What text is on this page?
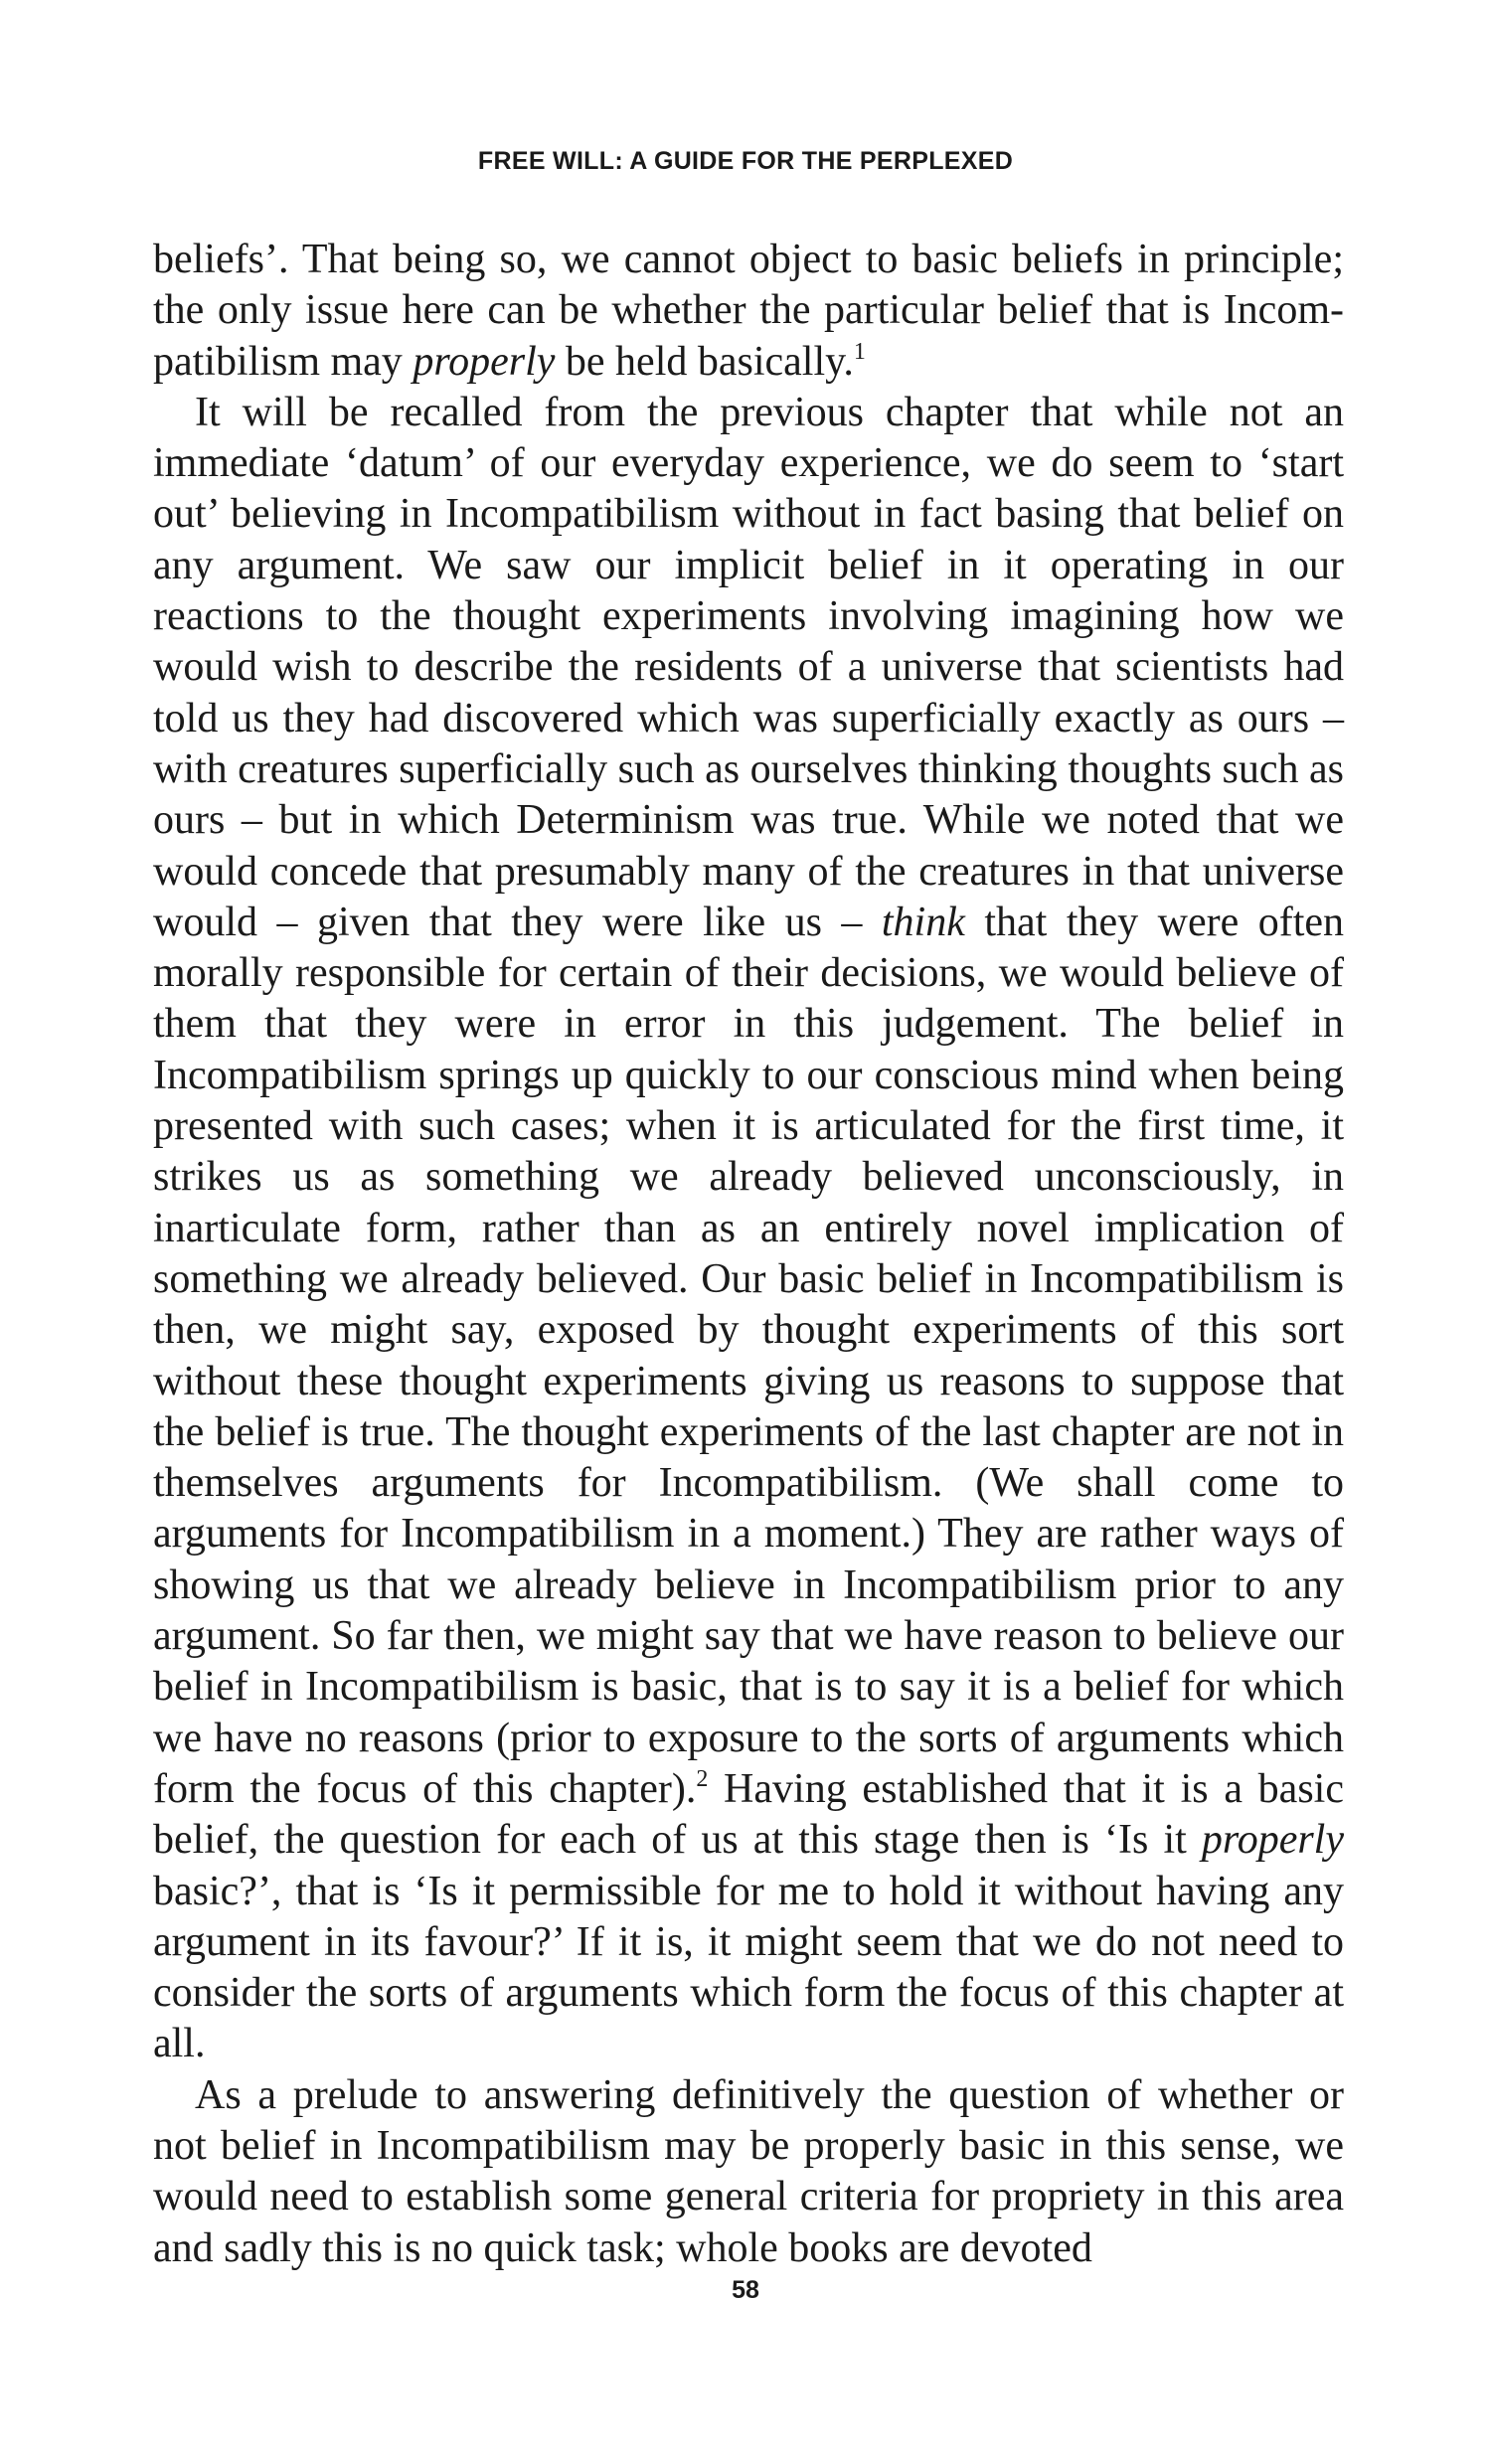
FREE WILL: A GUIDE FOR THE PERPLEXED

beliefs’. That being so, we cannot object to basic beliefs in principle; the only issue here can be whether the particular belief that is Incompatibilism may properly be held basically.$^1$

It will be recalled from the previous chapter that while not an immediate ‘datum’ of our everyday experience, we do seem to ‘start out’ believing in Incompatibilism without in fact basing that belief on any argument. We saw our implicit belief in it operating in our reactions to the thought experiments involving imagining how we would wish to describe the residents of a universe that scientists had told us they had discovered which was superficially exactly as ours – with creatures superficially such as ourselves thinking thoughts such as ours – but in which Determinism was true. While we noted that we would concede that presumably many of the creatures in that universe would – given that they were like us – think that they were often morally responsible for certain of their decisions, we would believe of them that they were in error in this judgement. The belief in Incompatibilism springs up quickly to our conscious mind when being presented with such cases; when it is articulated for the first time, it strikes us as something we already believed unconsciously, in inarticulate form, rather than as an entirely novel implication of something we already believed. Our basic belief in Incompatibilism is then, we might say, exposed by thought experiments of this sort without these thought experiments giving us reasons to suppose that the belief is true. The thought experiments of the last chapter are not in themselves arguments for Incompatibilism. (We shall come to arguments for Incompatibilism in a moment.) They are rather ways of showing us that we already believe in Incompatibilism prior to any argument. So far then, we might say that we have reason to believe our belief in Incompatibilism is basic, that is to say it is a belief for which we have no reasons (prior to exposure to the sorts of arguments which form the focus of this chapter).$^2$ Having established that it is a basic belief, the question for each of us at this stage then is ‘Is it properly basic?’, that is ‘Is it permissible for me to hold it without having any argument in its favour?’ If it is, it might seem that we do not need to consider the sorts of arguments which form the focus of this chapter at all.

As a prelude to answering definitively the question of whether or not belief in Incompatibilism may be properly basic in this sense, we would need to establish some general criteria for propriety in this area and sadly this is no quick task; whole books are devoted

58
